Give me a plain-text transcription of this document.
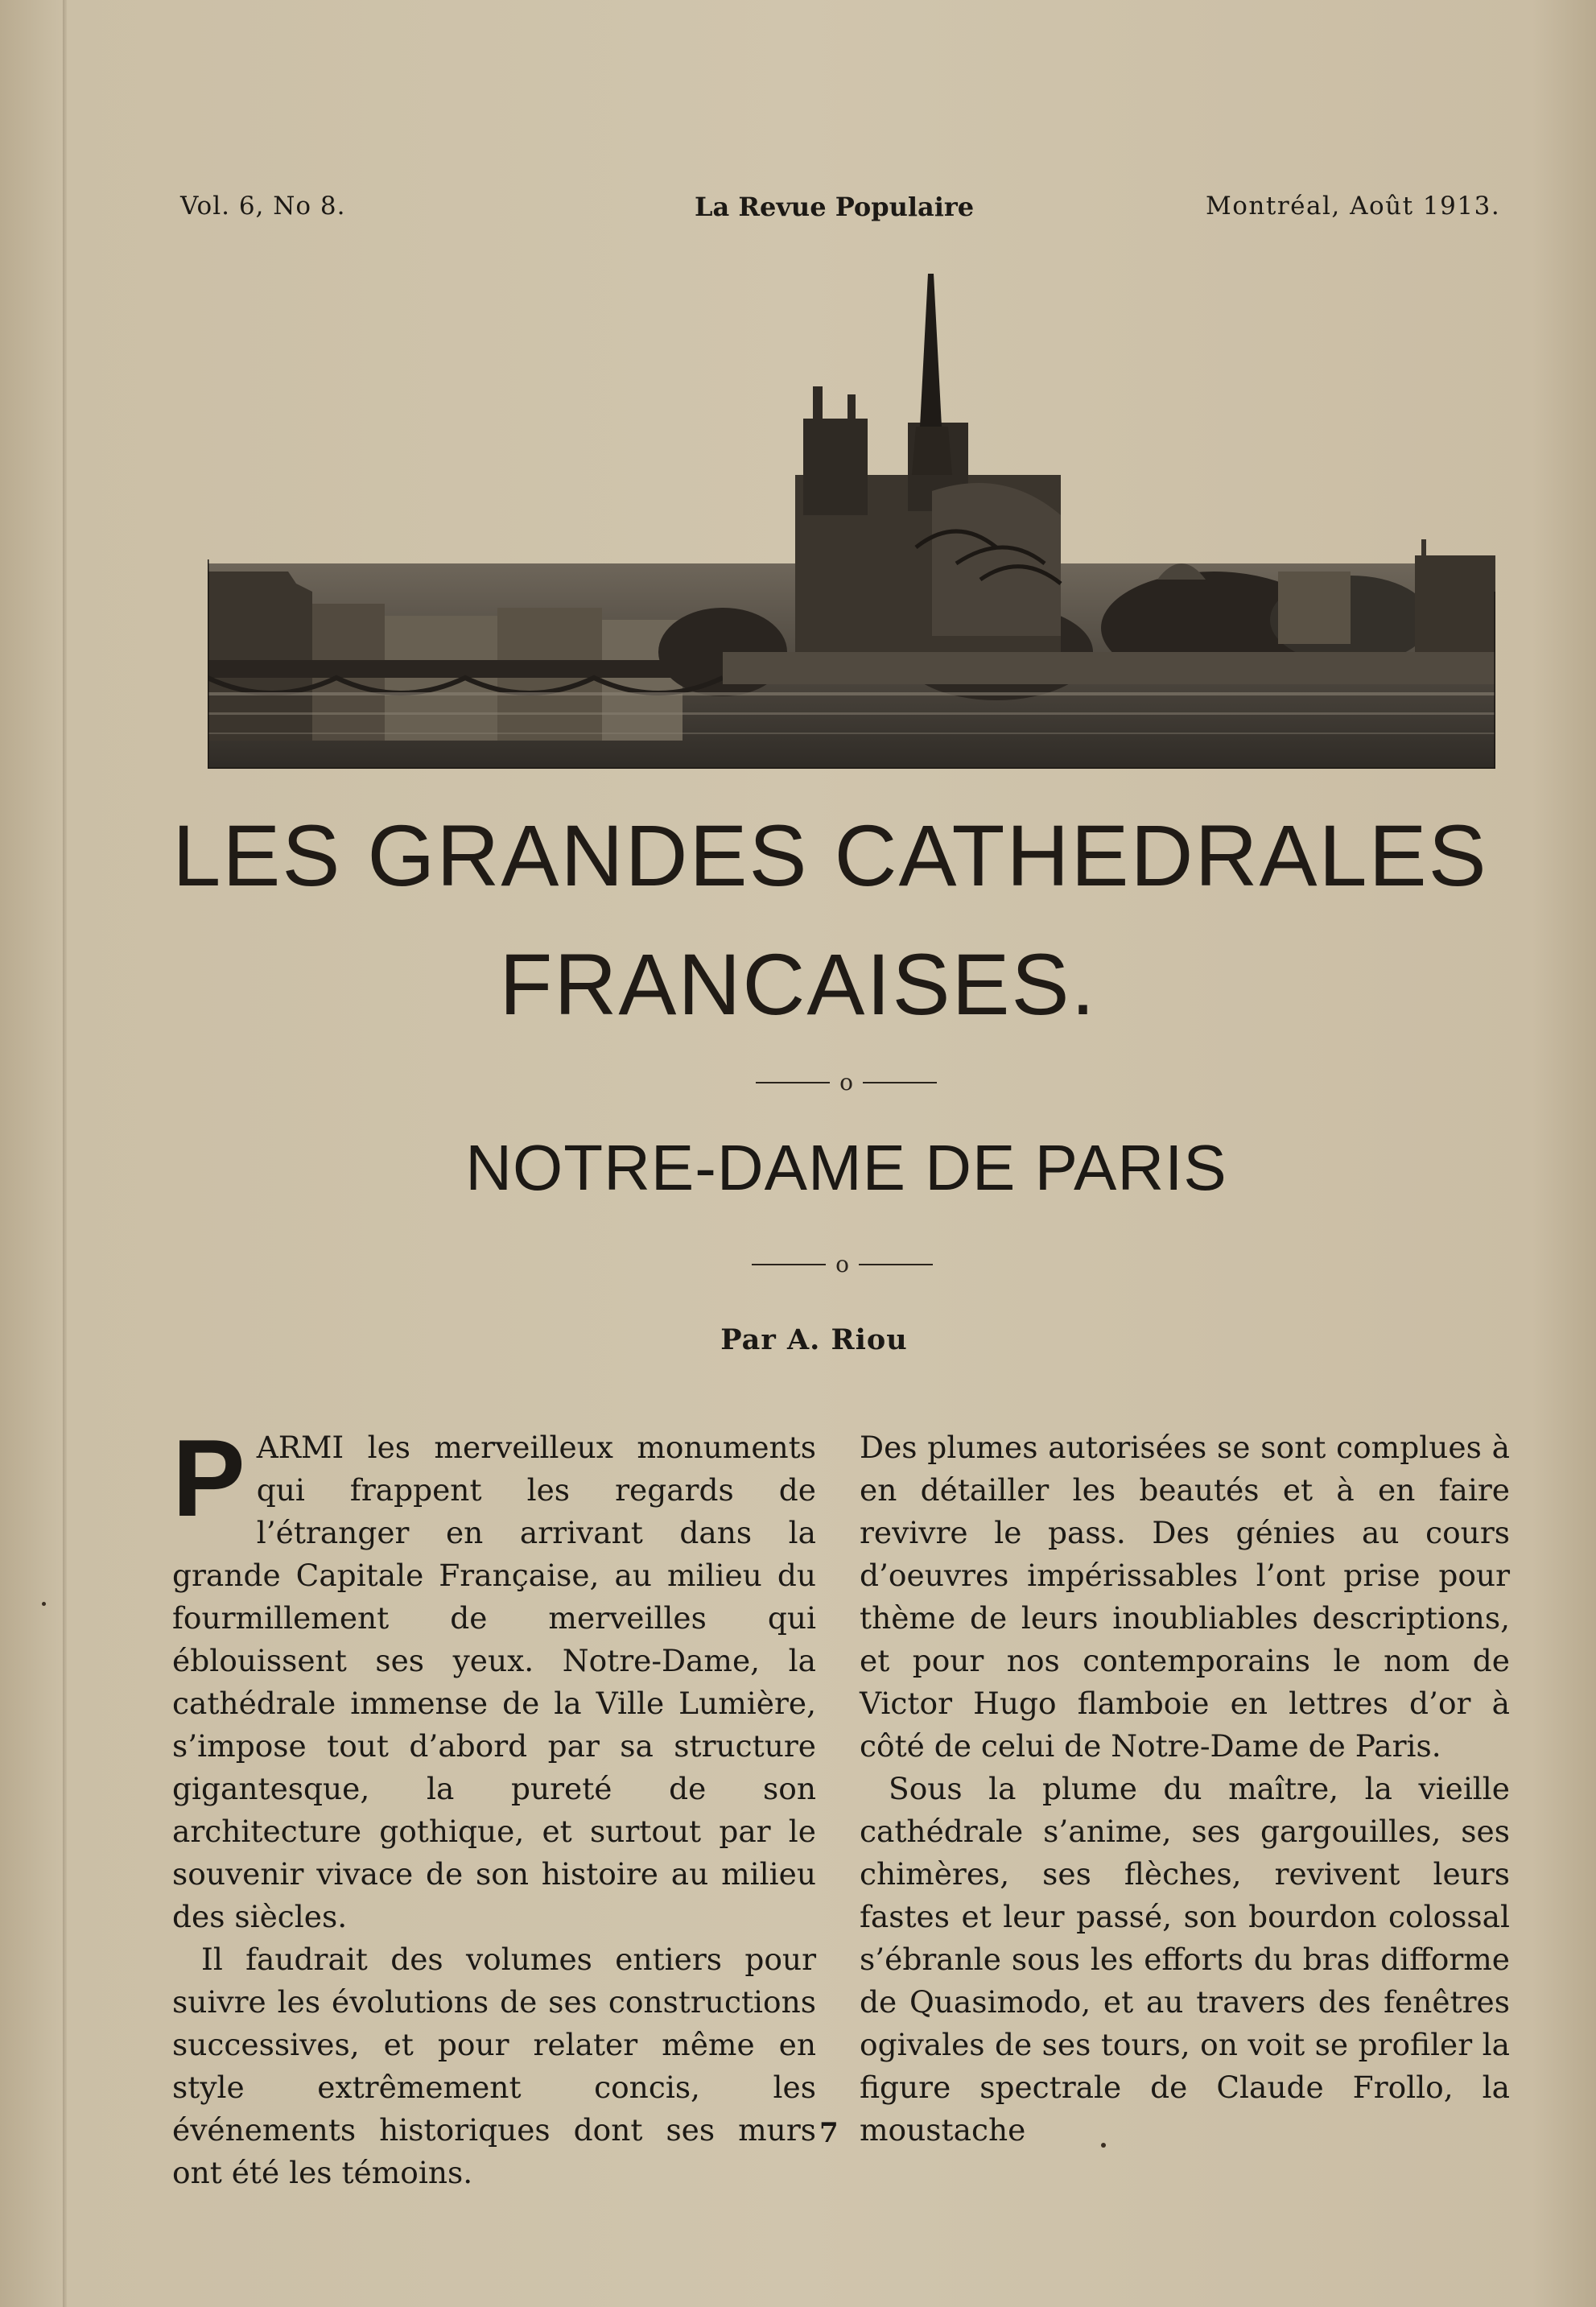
Vol. 6, No 8.	La Revue Populaire	Montréal, Août 1913.
LES GRANDES CATHEDRALES
FRANCAISES.
o
NOTRE-DAME DE PARIS
o
Par A. Riou

PARMI les merveilleux monuments qui frappent les regards de l’étranger en arrivant dans la grande Capitale Française, au milieu du fourmillement de merveilles qui éblouissent ses yeux. Notre-Dame, la cathédrale immense de la Ville Lumière, s’impose tout d’abord par sa structure gigantesque, la pureté de son architecture gothique, et surtout par le souvenir vivace de son histoire au milieu des siècles.

Il faudrait des volumes entiers pour suivre les évolutions de ses constructions successives, et pour relater même en style extrêmement concis, les événements historiques dont ses murs ont été les témoins.

Des plumes autorisées se sont complues à en détailler les beautés et à en faire revivre le pass. Des génies au cours d’oeuvres impérissables l’ont prise pour thème de leurs inoubliables descriptions, et pour nos contemporains le nom de Victor Hugo flamboie en lettres d’or à côté de celui de Notre-Dame de Paris.

Sous la plume du maître, la vieille cathédrale s’anime, ses gargouilles, ses chimères, ses flèches, revivent leurs fastes et leur passé, son bourdon colossal s’ébranle sous les efforts du bras difforme de Quasimodo, et au travers des fenêtres ogivales de ses tours, on voit se profiler la figure spectrale de Claude Frollo, la moustache

7
